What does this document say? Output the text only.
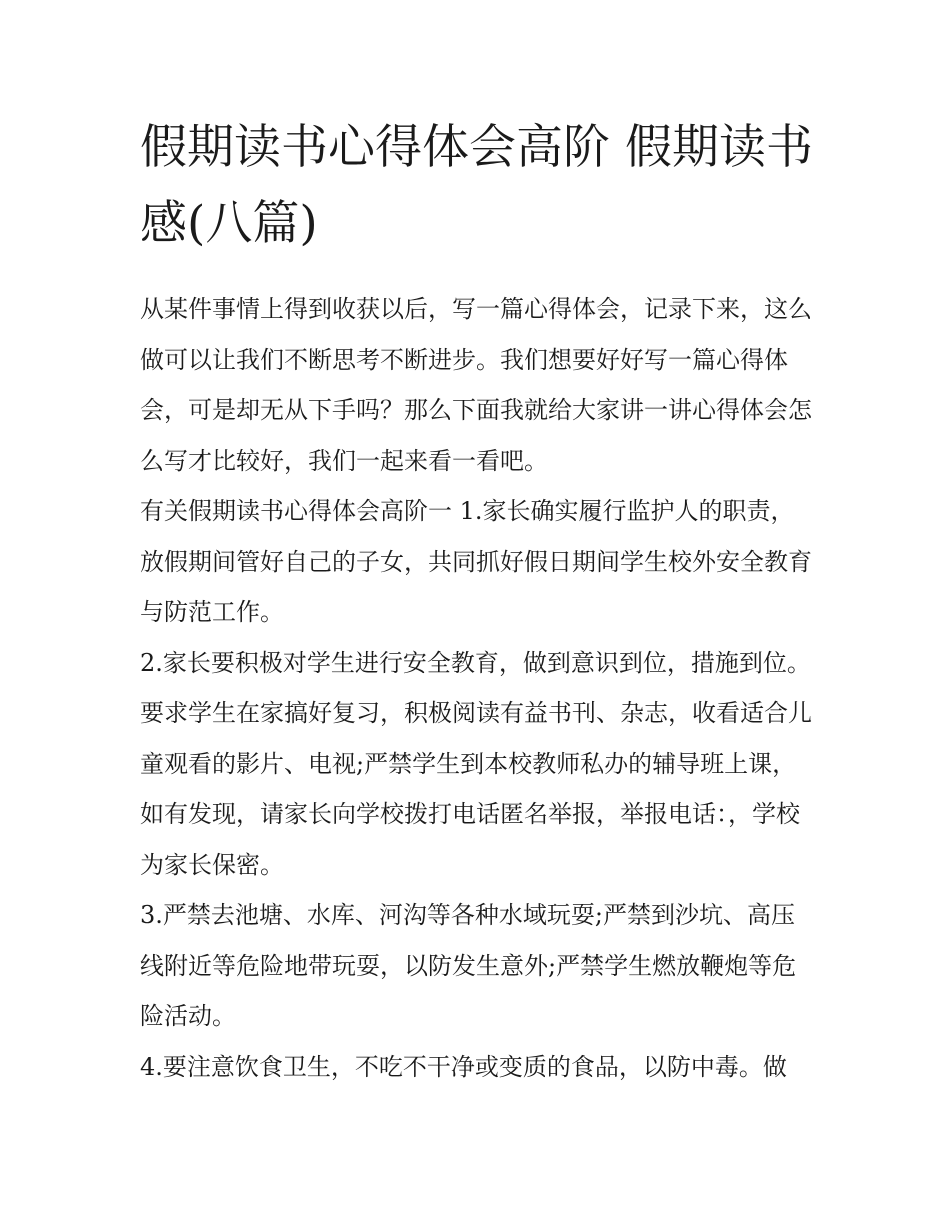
假期读书心得体会高阶 假期读书感(八篇)

从某件事情上得到收获以后，写一篇心得体会，记录下来，这么做可以让我们不断思考不断进步。我们想要好好写一篇心得体会，可是却无从下手吗？那么下面我就给大家讲一讲心得体会怎么写才比较好，我们一起来看一看吧。

有关假期读书心得体会高阶一 1.家长确实履行监护人的职责，放假期间管好自己的子女，共同抓好假日期间学生校外安全教育与防范工作。

2.家长要积极对学生进行安全教育，做到意识到位，措施到位。要求学生在家搞好复习，积极阅读有益书刊、杂志，收看适合儿童观看的影片、电视;严禁学生到本校教师私办的辅导班上课，如有发现，请家长向学校拨打电话匿名举报，举报电话：，学校为家长保密。

3.严禁去池塘、水库、河沟等各种水域玩耍;严禁到沙坑、高压线附近等危险地带玩耍，以防发生意外;严禁学生燃放鞭炮等危险活动。

4.要注意饮食卫生，不吃不干净或变质的食品，以防中毒。做
